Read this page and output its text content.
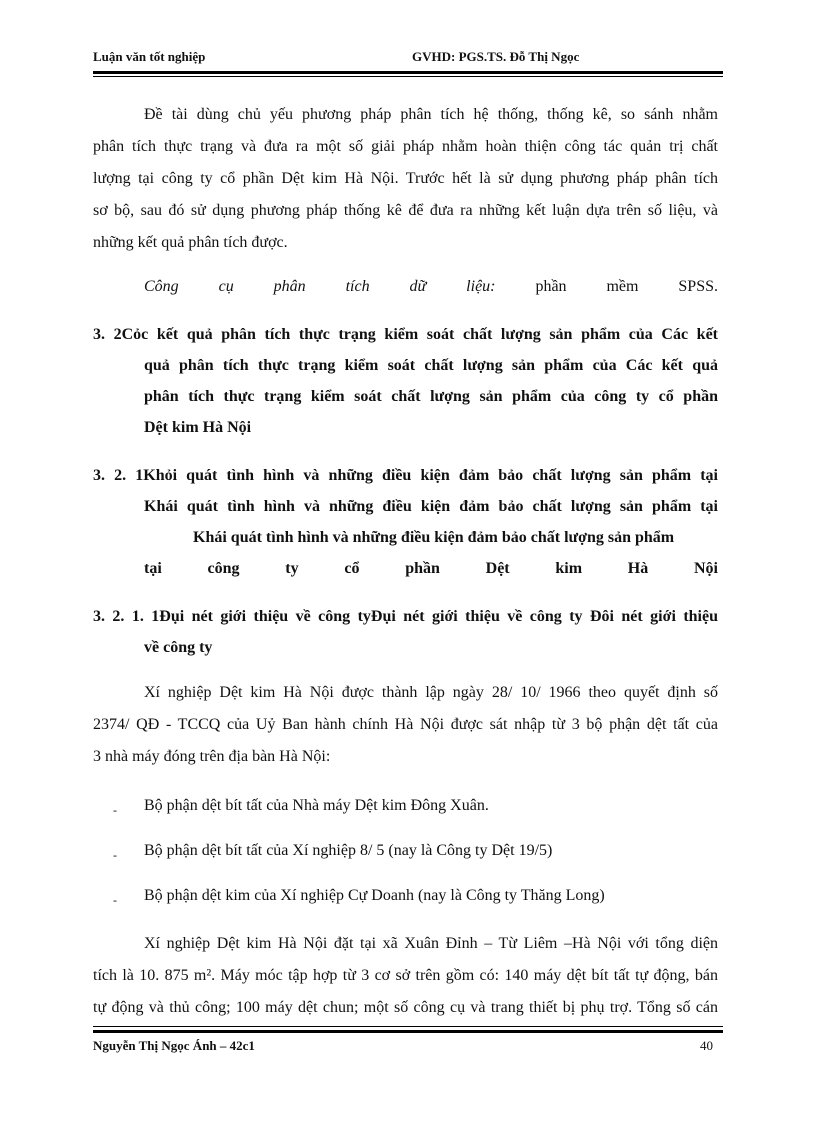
Luận văn tốt nghiệp	GVHD: PGS.TS. Đỗ Thị Ngọc
Đề tài dùng chủ yếu phương pháp phân tích hệ thống, thống kê, so sánh nhằm
phân tích thực trạng và đưa ra một số giải pháp nhằm hoàn thiện công tác quản trị chất
lượng tại công ty cổ phần Dệt kim Hà Nội. Trước hết là sử dụng phương pháp phân tích
sơ bộ, sau đó sử dụng phương pháp thống kê để đưa ra những kết luận dựa trên số liệu, và
những kết quả phân tích được.
Công cụ phân tích dữ liệu: phần mềm SPSS.
3. 2Cỏc kết quả phân tích thực trạng kiểm soát chất lượng sản phẩm của Các kết
quả phân tích thực trạng kiểm soát chất lượng sản phẩm của Các kết quả
phân tích thực trạng kiểm soát chất lượng sản phẩm của công ty cổ phần
Dệt kim Hà Nội
3. 2. 1Khỏi quát tình hình và những điều kiện đảm bảo chất lượng sản phẩm tại
Khái quát tình hình và những điều kiện đảm bảo chất lượng sản phẩm tại
Khái quát tình hình và những điều kiện đảm bảo chất lượng sản phẩm
tại công ty cổ phần Dệt kim Hà Nội
3. 2. 1. 1Đụi nét giới thiệu về công tyĐụi nét giới thiệu về công ty Đôi nét giới thiệu
về công ty
Xí nghiệp Dệt kim Hà Nội được thành lập ngày 28/ 10/ 1966 theo quyết định số
2374/ QĐ - TCCQ của Uỷ Ban hành chính Hà Nội được sát nhập từ 3 bộ phận dệt tất của
3 nhà máy đóng trên địa bàn Hà Nội:
- Bộ phận dệt bít tất của Nhà máy Dệt kim Đông Xuân.
- Bộ phận dệt bít tất của Xí nghiệp 8/ 5 (nay là Công ty Dệt 19/5)
- Bộ phận dệt kim của Xí nghiệp Cự Doanh (nay là Công ty Thăng Long)
Xí nghiệp Dệt kim Hà Nội đặt tại xã Xuân Đỉnh – Từ Liêm –Hà Nội với tổng diện
tích là 10. 875 m². Máy móc tập hợp từ 3 cơ sở trên gồm có: 140 máy dệt bít tất tự động, bán
tự động và thủ công; 100 máy dệt chun; một số công cụ và trang thiết bị phụ trợ. Tổng số cán
Nguyễn Thị Ngọc Ánh – 42c1	40
